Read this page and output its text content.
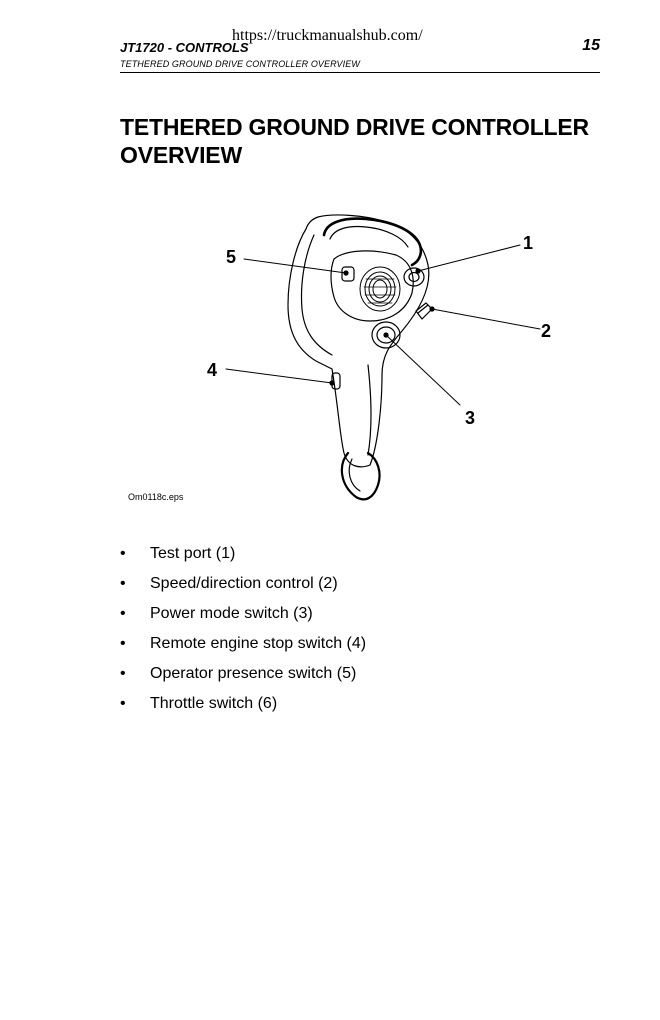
https://truckmanualshub.com/
JT1720 - CONTROLS	15
TETHERED GROUND DRIVE CONTROLLER OVERVIEW
TETHERED GROUND DRIVE CONTROLLER OVERVIEW
1
2
3
4
5
Om0118c.eps
• Test port (1)
• Speed/direction control (2)
• Power mode switch (3)
• Remote engine stop switch (4)
• Operator presence switch (5)
• Throttle switch (6)
